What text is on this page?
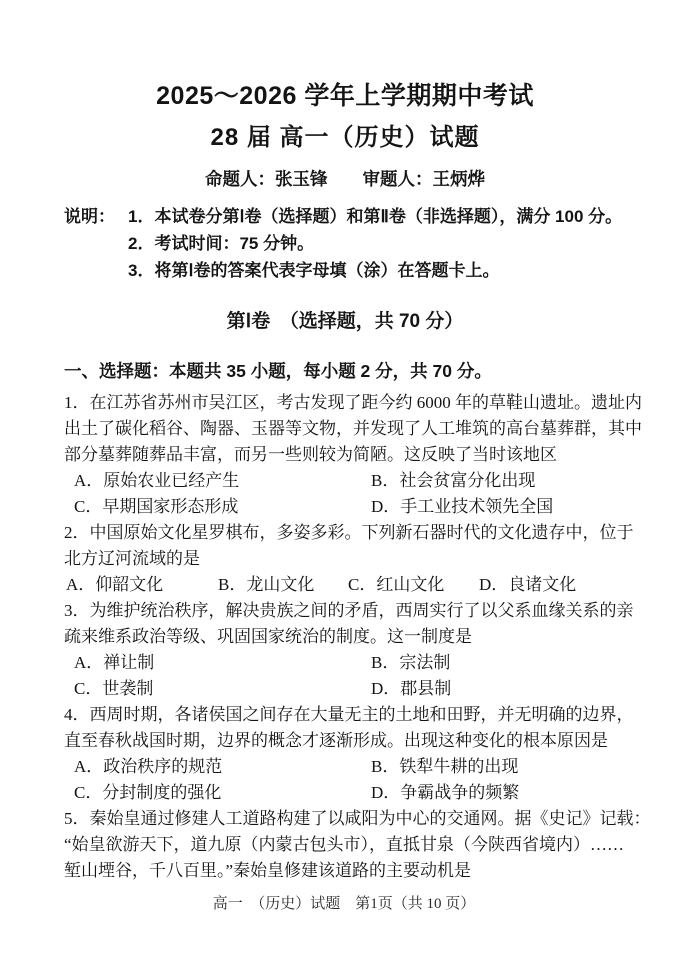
2025～2026 学年上学期期中考试
28 届 高一（历史）试题
命题人：张玉锋　　审题人：王炳烨
说明： 1．本试卷分第Ⅰ卷（选择题）和第Ⅱ卷（非选择题），满分 100 分。
2．考试时间：75 分钟。
3．将第Ⅰ卷的答案代表字母填（涂）在答题卡上。
第Ⅰ卷　（选择题，共 70 分）
一、选择题：本题共 35 小题，每小题 2 分，共 70 分。
1．在江苏省苏州市吴江区，考古发现了距今约 6000 年的草鞋山遗址。遗址内
出土了碳化稻谷、陶器、玉器等文物，并发现了人工堆筑的高台墓葬群，其中
部分墓葬随葬品丰富，而另一些则较为简陋。这反映了当时该地区
A．原始农业已经产生	B．社会贫富分化出现
C．早期国家形态形成	D．手工业技术领先全国
2．中国原始文化星罗棋布，多姿多彩。下列新石器时代的文化遗存中，位于
北方辽河流域的是
A．仰韶文化	B．龙山文化	C．红山文化	D．良诸文化
3．为维护统治秩序，解决贵族之间的矛盾，西周实行了以父系血缘关系的亲
疏来维系政治等级、巩固国家统治的制度。这一制度是
A．禅让制	B．宗法制
C．世袭制	D．郡县制
4．西周时期，各诸侯国之间存在大量无主的土地和田野，并无明确的边界，
直至春秋战国时期，边界的概念才逐渐形成。出现这种变化的根本原因是
A．政治秩序的规范	B．铁犁牛耕的出现
C．分封制度的强化	D．争霸战争的频繁
5．秦始皇通过修建人工道路构建了以咸阳为中心的交通网。据《史记》记载：
“始皇欲游天下，道九原（内蒙古包头市），直抵甘泉（今陕西省境内）……
堑山堙谷，千八百里。”秦始皇修建该道路的主要动机是
高一　（历史）试题　第1页（共 10 页）
